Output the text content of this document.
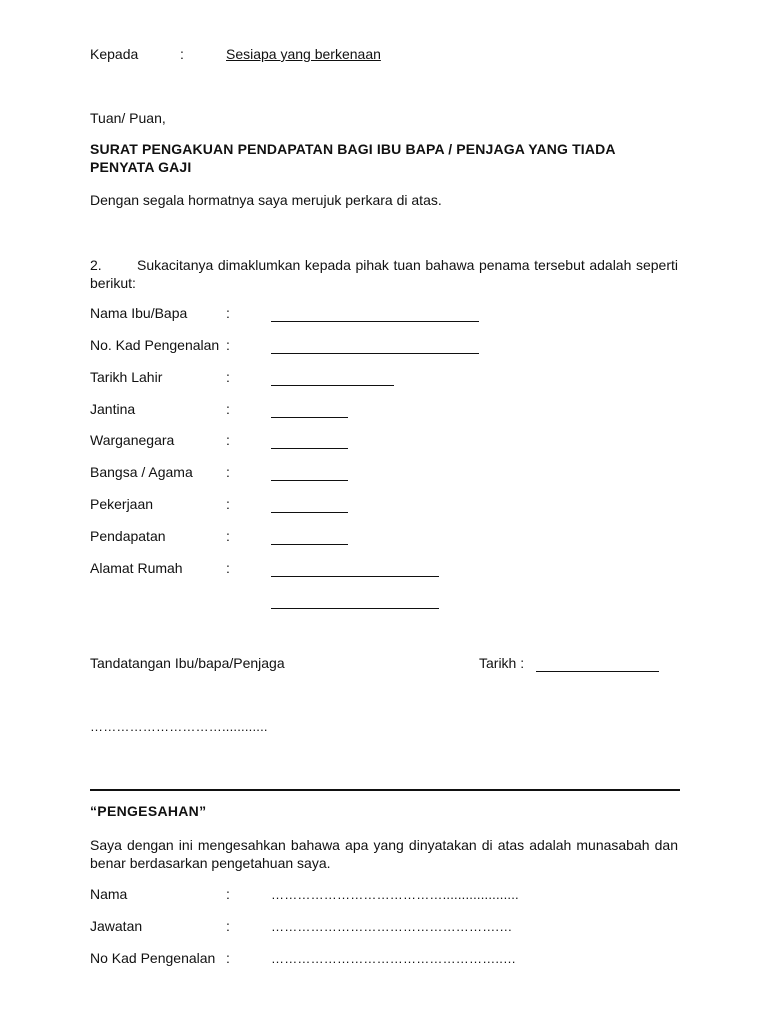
Kepada	:	Sesiapa yang berkenaan
Tuan/ Puan,
SURAT PENGAKUAN PENDAPATAN BAGI IBU BAPA / PENJAGA YANG TIADA PENYATA GAJI
Dengan segala hormatnya saya merujuk perkara di atas.
2.	Sukacitanya dimaklumkan kepada pihak tuan bahawa penama tersebut adalah seperti berikut:
Nama Ibu/Bapa	:
No. Kad Pengenalan :
Tarikh Lahir	:
Jantina	:
Warganegara	:
Bangsa / Agama :
Pekerjaan	:
Pendapatan	:
Alamat Rumah	:
Tandatangan Ibu/bapa/Penjaga	Tarikh :
…………………………............
“PENGESAHAN”
Saya dengan ini mengesahkan bahawa apa yang dinyatakan di atas adalah munasabah dan benar berdasarkan pengetahuan saya.
Nama	:	…………………………………....................
Jawatan	:	…………………………………………….…
No Kad Pengenalan :	……………………………………………..…
